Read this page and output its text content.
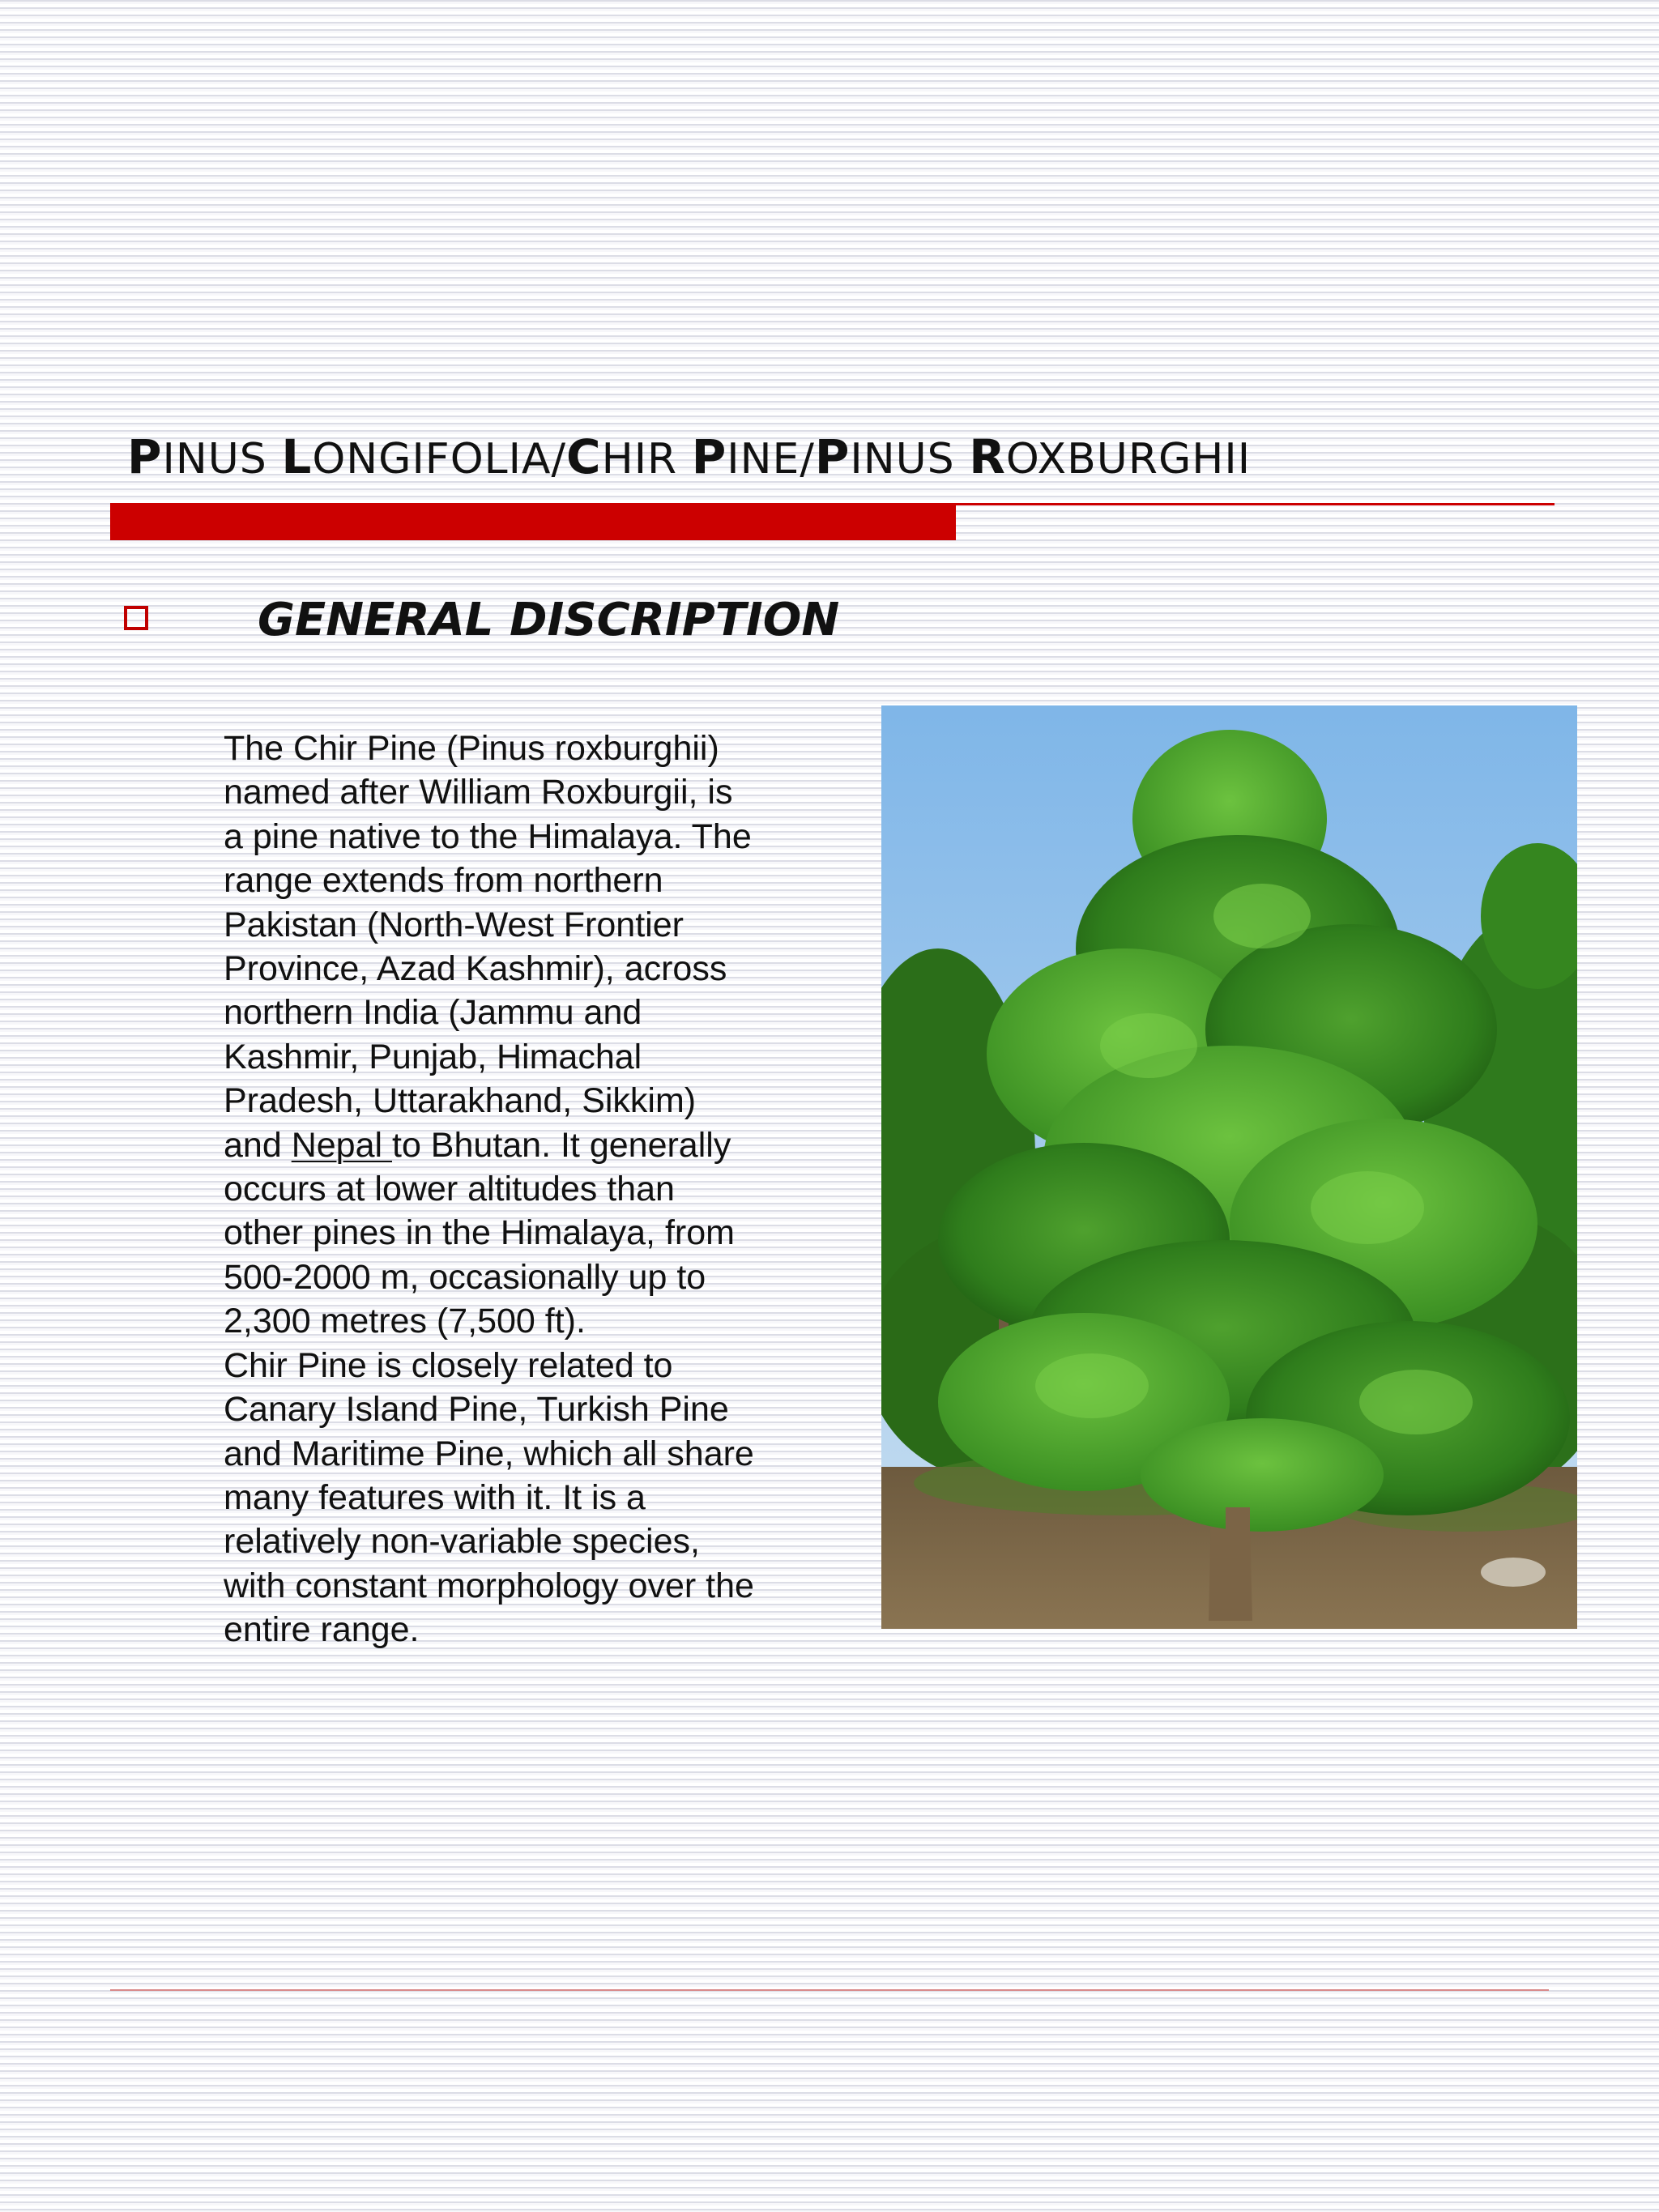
PINUS LONGIFOLIA/CHIR PINE/PINUS ROXBURGHII
GENERAL DISCRIPTION
The Chir Pine (Pinus roxburghii)
named after William Roxburgii, is
a pine native to the Himalaya. The
range extends from northern
Pakistan (North-West Frontier
Province, Azad Kashmir), across
northern India (Jammu and
Kashmir, Punjab, Himachal
Pradesh, Uttarakhand, Sikkim)
and Nepal to Bhutan. It generally
occurs at lower altitudes than
other pines in the Himalaya, from
500-2000 m, occasionally up to
2,300 metres (7,500 ft).
Chir Pine is closely related to
Canary Island Pine, Turkish Pine
and Maritime Pine, which all share
many features with it. It is a
relatively non-variable species,
with constant morphology over the
entire range.
